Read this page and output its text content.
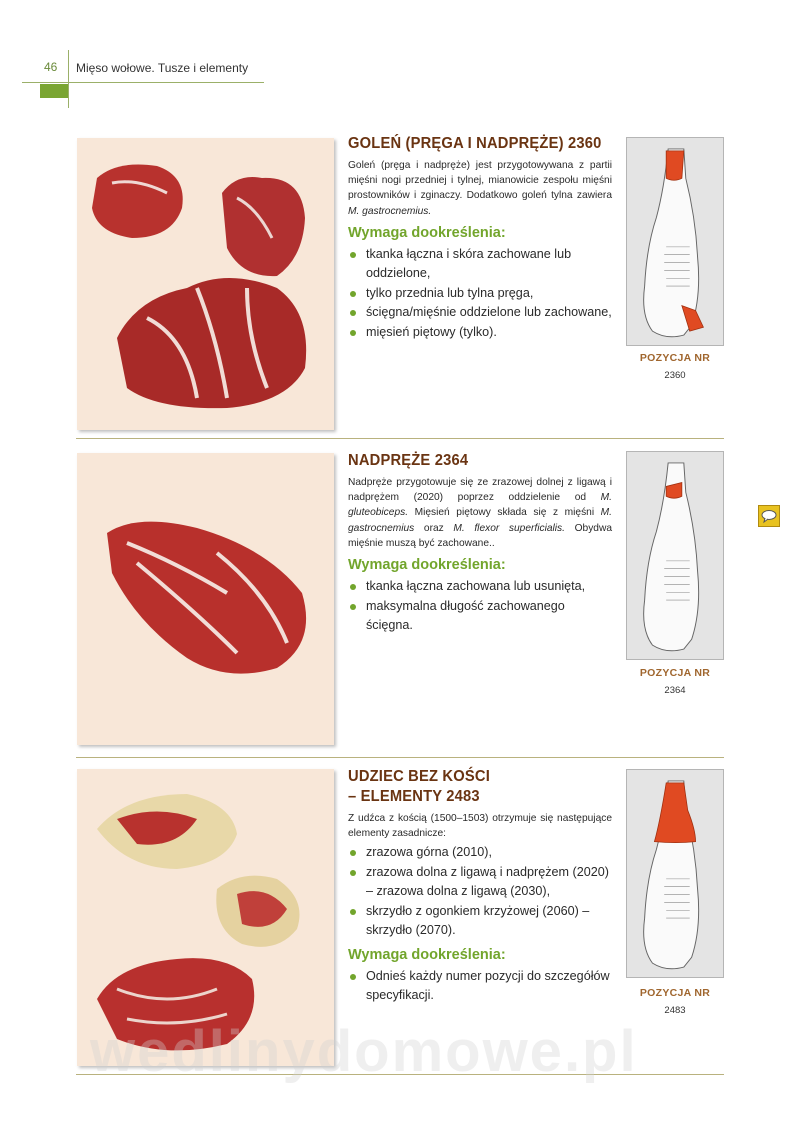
46 Mięso wołowe. Tusze i elementy
GOLEŃ (PRĘGA I NADPRĘŻE) 2360
Goleń (pręga i nadpręże) jest przygotowywana z partii mięśni nogi przedniej i tylnej, mianowicie zespołu mięśni prostowników i zginaczy. Dodatkowo goleń tylna zawiera M. gastrocnemius.
Wymaga dookreślenia:
tkanka łączna i skóra zachowane lub oddzielone,
tylko przednia lub tylna pręga,
ścięgna/mięśnie oddzielone lub zachowane,
mięsień piętowy (tylko).
POZYCJA NR
2360
NADPRĘŻE 2364
Nadpręże przygotowuje się ze zrazowej dolnej z ligawą i nadprężem (2020) poprzez oddzielenie od M. gluteobiceps. Mięsień piętowy składa się z mięśni M. gastrocnemius oraz M. flexor superficialis. Obydwa mięśnie muszą być zachowane..
Wymaga dookreślenia:
tkanka łączna zachowana lub usunięta,
maksymalna długość zachowanego ścięgna.
POZYCJA NR
2364
UDZIEC BEZ KOŚCI
– ELEMENTY 2483
Z udźca z kością (1500–1503) otrzymuje się następujące elementy zasadnicze:
zrazowa górna (2010),
zrazowa dolna z ligawą i nadprężem (2020) – zrazowa dolna z ligawą (2030),
skrzydło z ogonkiem krzyżowej (2060) – skrzydło (2070).
Wymaga dookreślenia:
Odnieś każdy numer pozycji do szczegółów specyfikacji.	POZYCJA NR
2483
wedlinydomowe.pl
